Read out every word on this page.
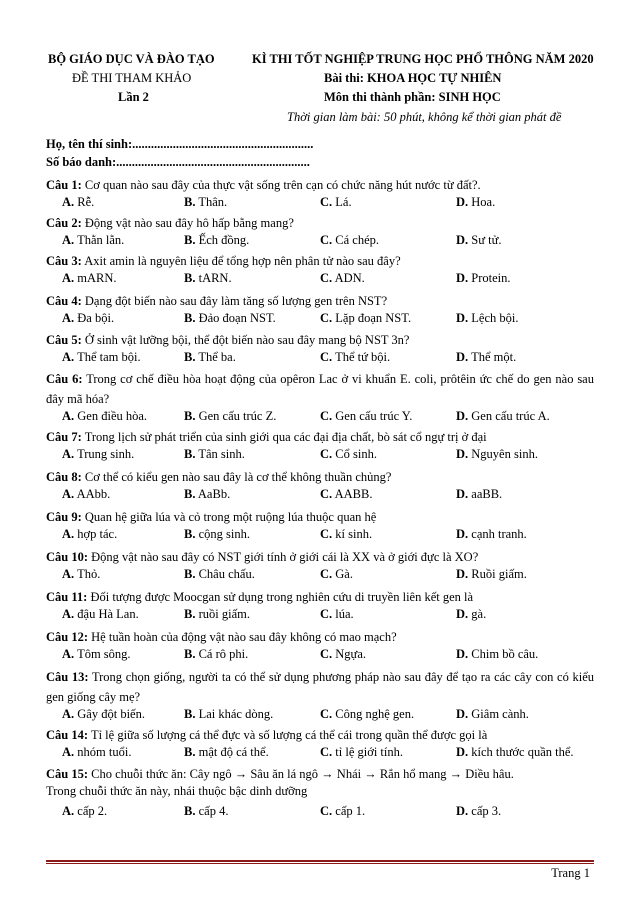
BỘ GIÁO DỤC VÀ ĐÀO TẠO	KÌ THI TỐT NGHIỆP TRUNG HỌC PHỔ THÔNG NĂM 2020
ĐỀ THI THAM KHẢO	Bài thi: KHOA HỌC TỰ NHIÊN
Lần 2	Môn thi thành phần: SINH HỌC
Thời gian làm bài: 50 phút, không kể thời gian phát đề
Họ, tên thí sinh:..........................................................
Số báo danh:..............................................................
Câu 1: Cơ quan nào sau đây của thực vật sống trên cạn có chức năng hút nước từ đất?.
A. Rễ.	B. Thân.	C. Lá.	D. Hoa.
Câu 2: Động vật nào sau đây hô hấp bằng mang?
A. Thằn lằn.	B. Ếch đồng.	C. Cá chép.	D. Sư tử.
Câu 3: Axit amin là nguyên liệu để tổng hợp nên phân tử nào sau đây?
A. mARN.	B. tARN.	C. ADN.	D. Protein.
Câu 4: Dạng đột biến nào sau đây làm tăng số lượng gen trên NST?
A. Đa bội.	B. Đảo đoạn NST.	C. Lặp đoạn NST.	D. Lệch bội.
Câu 5: Ở sinh vật lưỡng bội, thể đột biến nào sau đây mang bộ NST 3n?
A. Thể tam bội.	B. Thể ba.	C. Thể tứ bội.	D. Thể một.
Câu 6: Trong cơ chế điều hòa hoạt động của opêron Lac ở vi khuẩn E. coli, prôtêin ức chế do gen nào sau đây mã hóa?
A. Gen điều hòa.	B. Gen cấu trúc Z.	C. Gen cấu trúc Y.	D. Gen cấu trúc A.
Câu 7: Trong lịch sử phát triển của sinh giới qua các đại địa chất, bò sát cổ ngự trị ở đại
A. Trung sinh.	B. Tân sinh.	C. Cổ sinh.	D. Nguyên sinh.
Câu 8: Cơ thể có kiểu gen nào sau đây là cơ thể không thuần chủng?
A. AAbb.	B. AaBb.	C. AABB.	D. aaBB.
Câu 9: Quan hệ giữa lúa và cỏ trong một ruộng lúa thuộc quan hệ
A. hợp tác.	B. cộng sinh.	C. kí sinh.	D. cạnh tranh.
Câu 10: Động vật nào sau đây có NST giới tính ở giới cái là XX và ở giới đực là XO?
A. Thỏ.	B. Châu chấu.	C. Gà.	D. Ruồi giấm.
Câu 11: Đối tượng được Moocgan sử dụng trong nghiên cứu di truyền liên kết gen là
A. đậu Hà Lan.	B. ruồi giấm.	C. lúa.	D. gà.
Câu 12: Hệ tuần hoàn của động vật nào sau đây không có mao mạch?
A. Tôm sông.	B. Cá rô phi.	C. Ngựa.	D. Chim bồ câu.
Câu 13: Trong chọn giống, người ta có thể sử dụng phương pháp nào sau đây để tạo ra các cây con có kiểu gen giống cây mẹ?
A. Gây đột biến.	B. Lai khác dòng.	C. Công nghệ gen.	D. Giâm cành.
Câu 14: Tỉ lệ giữa số lượng cá thể đực và số lượng cá thể cái trong quần thể được gọi là
A. nhóm tuổi.	B. mật độ cá thể.	C. tỉ lệ giới tính.	D. kích thước quần thể.
Câu 15: Cho chuỗi thức ăn: Cây ngô → Sâu ăn lá ngô → Nhái → Rắn hổ mang → Diều hâu.
Trong chuỗi thức ăn này, nhái thuộc bậc dinh dưỡng
A. cấp 2.	B. cấp 4.	C. cấp 1.	D. cấp 3.
Trang 1
